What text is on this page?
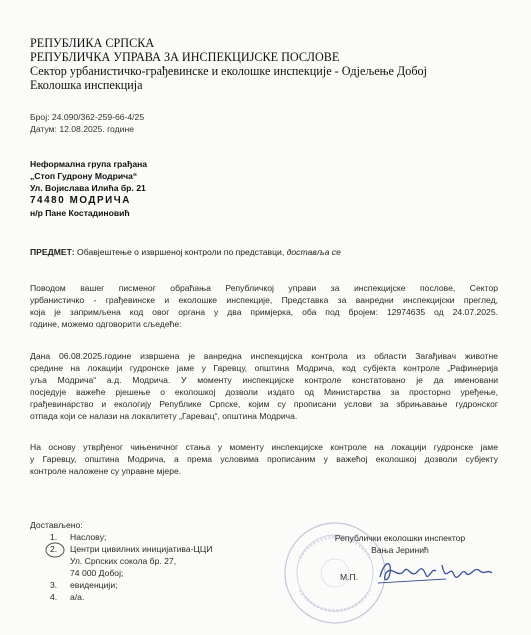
РЕПУБЛИКА СРПСКА
РЕПУБЛИЧКА УПРАВА ЗА ИНСПЕКЦИЈСКЕ ПОСЛОВЕ
Сектор урбанистичко-грађевинске и еколошке инспекције - Одјељење Добој
Еколошка инспекција
Број: 24.090/362-259-66-4/25
Датум: 12.08.2025. године
Неформална група грађана
„Стоп Гудрону Модрича“
Ул. Војислава Илића бр. 21
74480 МОДРИЧА
н/р Пане Костадиновић
ПРЕДМЕТ: Обавјештење о извршеној контроли по представци, доставља се
Поводом вашег писменог обраћања Републичкој управи за инспекцијске послове, Сектор
урбанистичко - грађевинске и еколошке инспекције, Представка за ванредни инспекцијски преглед,
која је запримљена код овог органа у два примјерка, оба под бројем: 12974635 од 24.07.2025.
године, можемо одговорити сљедеће:
Дана 06.08.2025.године извршена је ванредна инспекцијска контрола из области Загађивач животне
средине на локацији гудронске јаме у Гаревцу, општина Модрича, код субјекта контроле „Рафинерија
уља Модрича“ а.д. Модрича. У моменту инспекцијске контроле констатовано је да именовани
посједује важеће рјешење о еколошкој дозволи издато од Министарства за просторно уређење,
грађевинарство и екологију Републике Српске, којим су прописани услови за збрињавање гудронског
отпада који се налази на локалитету „Гаревац“, општина Модрича.
На основу утврђеног чињеничног стања у моменту инспекцијске контроле на локацији гудронске јаме
у Гаревцу, општина Модрича, а према условима прописаним у важећој еколошкој дозволи субјекту
контроле наложене су управне мјере.
Достављено:
1.	Насловy;
2.	Центри цивилних иницијатива-ЦЦИ
Ул. Српских сокола бр. 27,
74 000 Добој;
3.	евиденцији;
4.	а/а.
Републички еколошки инспектор
Вања Јеринић
М.П.
